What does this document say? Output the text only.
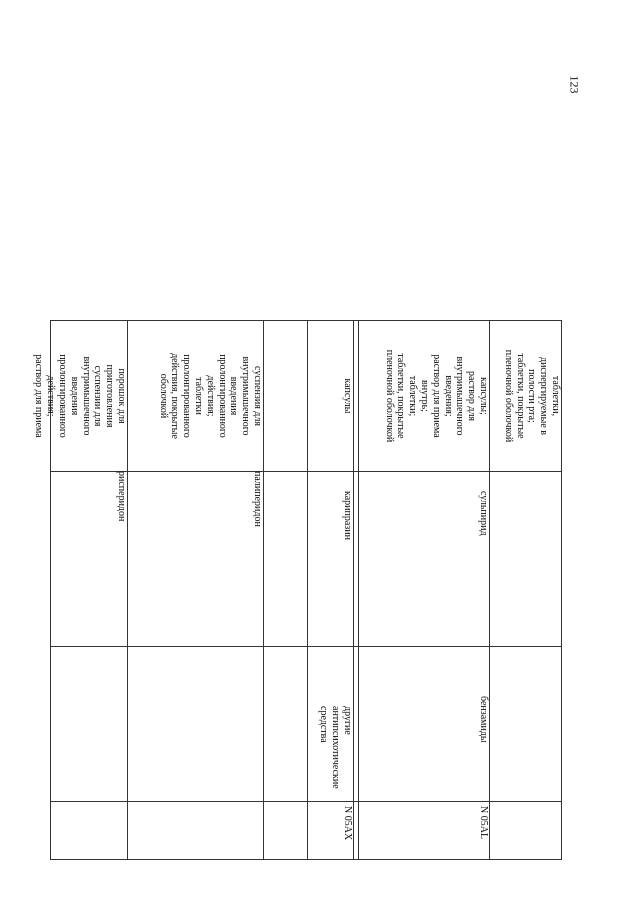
123
таблетки,
диспергируемые в
полости рта;
таблетки, покрытые
пленочной оболочкой
капсулы;
раствор для
внутримышечного
введения;
раствор для приема
внутрь;
таблетки;
таблетки, покрытые
пленочной оболочкой
сульпирид
бензамиды
N 05AL
капсулы
карипразин
другие
антипсихотические
средства
N 05AX
суспензия для
внутримышечного
введения
пролонгированного
действия;
таблетки
пролонгированного
действия, покрытые
оболочкой
палиперидон
порошок для
приготовления
суспензии для
внутримышечного
введения
пролонгированного
действия;
раствор для приема
рисперидон
